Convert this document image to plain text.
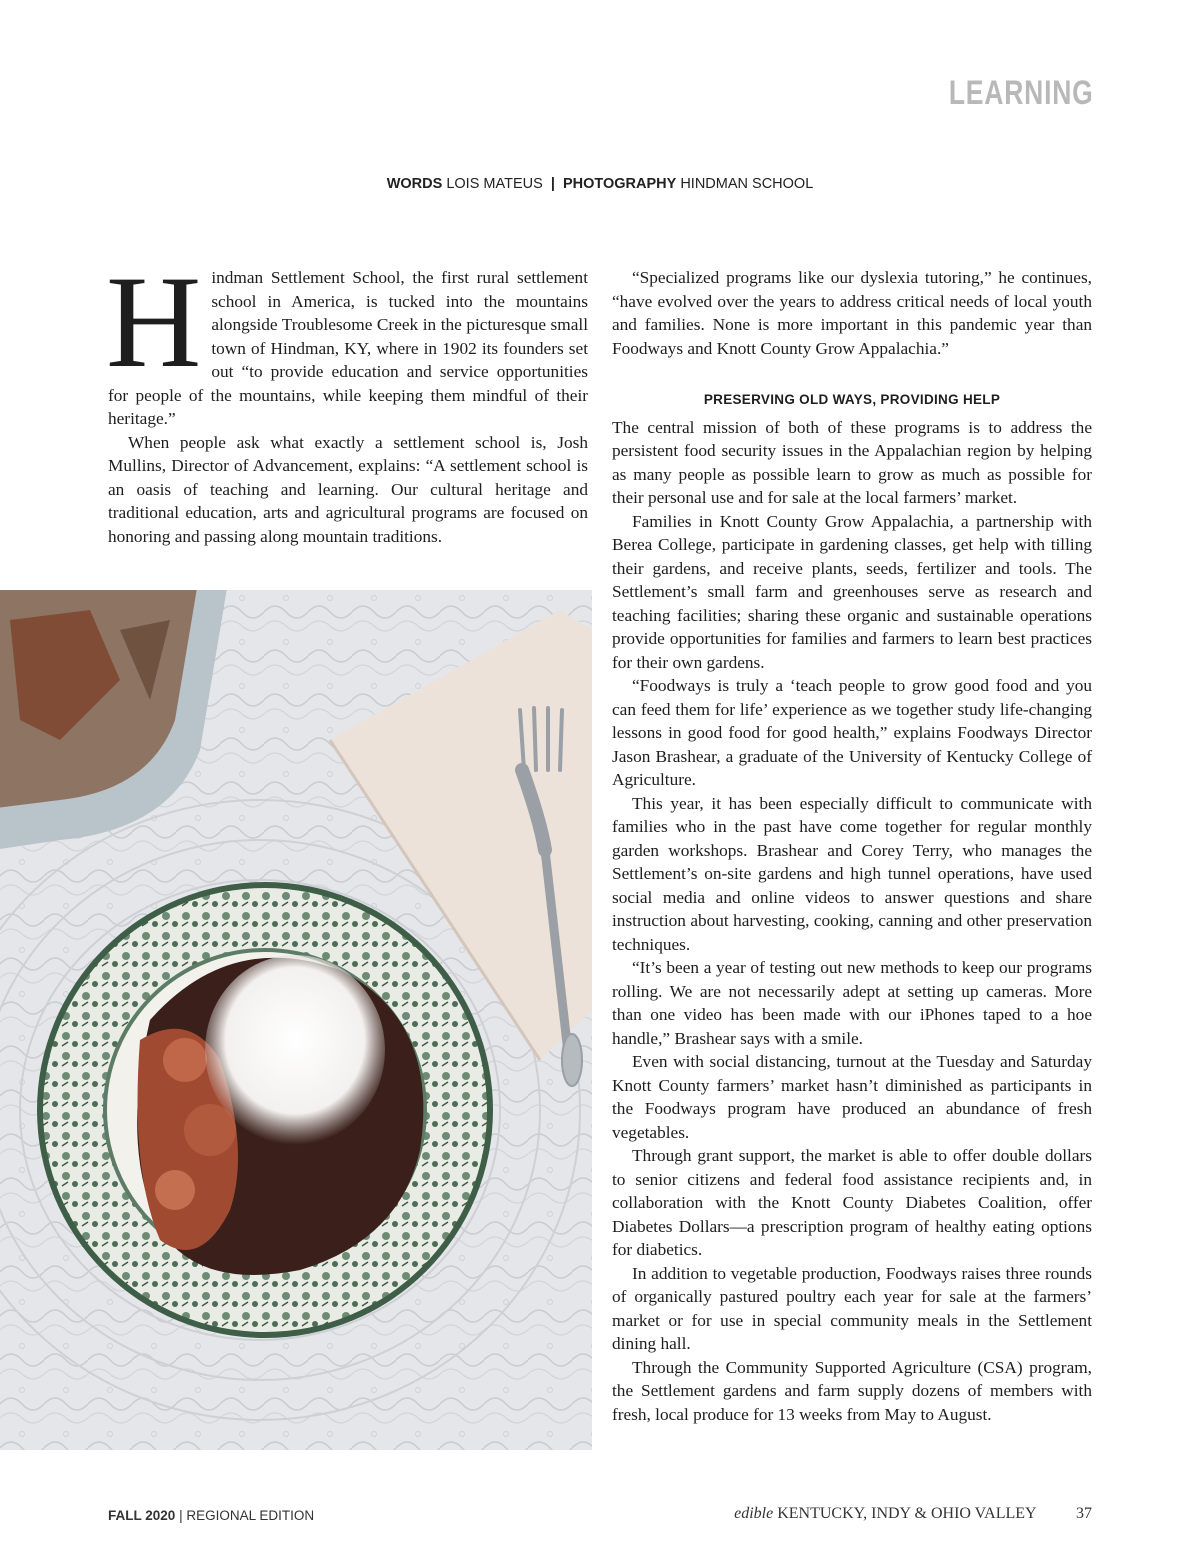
LEARNING
WORDS LOIS MATEUS | PHOTOGRAPHY HINDMAN SCHOOL

Hindman Settlement School, the first rural settlement school in America, is tucked into the mountains alongside Troublesome Creek in the picturesque small town of Hindman, KY, where in 1902 its founders set out “to provide education and service opportunities for people of the mountains, while keeping them mindful of their heritage.”

When people ask what exactly a settlement school is, Josh Mullins, Director of Advancement, explains: “A settlement school is an oasis of teaching and learning. Our cultural heritage and traditional education, arts and agricultural programs are focused on honoring and passing along mountain traditions.

“Specialized programs like our dyslexia tutoring,” he continues, “have evolved over the years to address critical needs of local youth and families. None is more important in this pandemic year than Foodways and Knott County Grow Appalachia.”

PRESERVING OLD WAYS, PROVIDING HELP

The central mission of both of these programs is to address the persistent food security issues in the Appalachian region by helping as many people as possible learn to grow as much as possible for their personal use and for sale at the local farmers’ market.

Families in Knott County Grow Appalachia, a partnership with Berea College, participate in gardening classes, get help with tilling their gardens, and receive plants, seeds, fertilizer and tools. The Settlement’s small farm and greenhouses serve as research and teaching facilities; sharing these organic and sustainable operations provide opportunities for families and farmers to learn best practices for their own gardens.

“Foodways is truly a ‘teach people to grow good food and you can feed them for life’ experience as we together study life-changing lessons in good food for good health,” explains Foodways Director Jason Brashear, a graduate of the University of Kentucky College of Agriculture.

This year, it has been especially difficult to communicate with families who in the past have come together for regular monthly garden workshops. Brashear and Corey Terry, who manages the Settlement’s on-site gardens and high tunnel operations, have used social media and online videos to answer questions and share instruction about harvesting, cooking, canning and other preservation techniques.

“It’s been a year of testing out new methods to keep our programs rolling. We are not necessarily adept at setting up cameras. More than one video has been made with our iPhones taped to a hoe handle,” Brashear says with a smile.

Even with social distancing, turnout at the Tuesday and Saturday Knott County farmers’ market hasn’t diminished as participants in the Foodways program have produced an abundance of fresh vegetables.

Through grant support, the market is able to offer double dollars to senior citizens and federal food assistance recipients and, in collaboration with the Knott County Diabetes Coalition, offer Diabetes Dollars—a prescription program of healthy eating options for diabetics.

In addition to vegetable production, Foodways raises three rounds of organically pastured poultry each year for sale at the farmers’ market or for use in special community meals in the Settlement dining hall.

Through the Community Supported Agriculture (CSA) program, the Settlement gardens and farm supply dozens of members with fresh, local produce for 13 weeks from May to August.

FALL 2020 | REGIONAL EDITION	edible KENTUCKY, INDY & OHIO VALLEY	37
